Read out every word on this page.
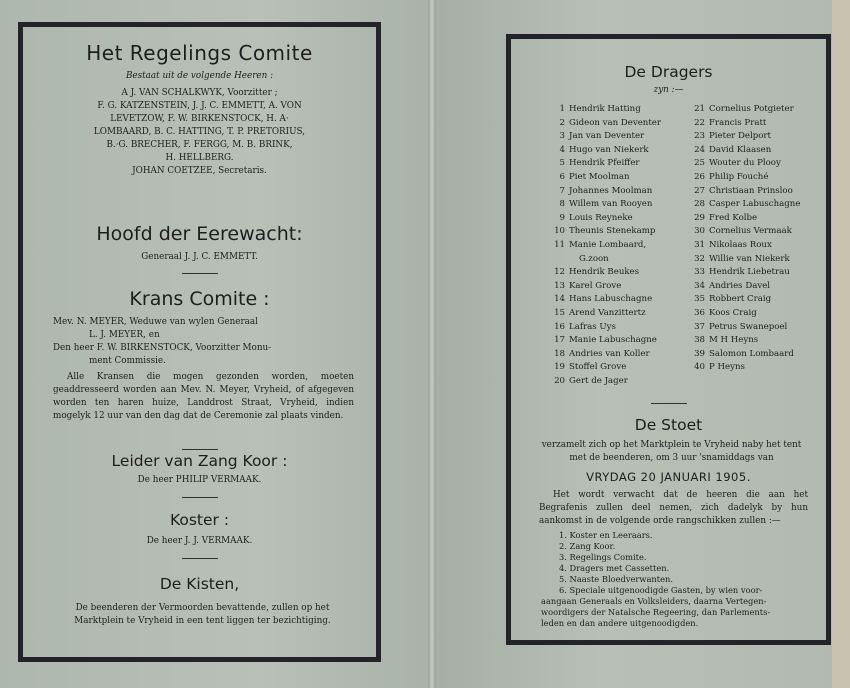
Het Regelings Comite
Bestaat uit de volgende Heeren :
A J. VAN SCHALKWYK, Voorzitter ;
F. G. KATZENSTEIN, J. J. C. EMMETT, A. VON
LEVETZOW, F. W. BIRKENSTOCK, H. A·
LOMBAARD, B. C. HATTING, T. P. PRETORIUS,
B.·G. BRECHER, F. FERGG, M. B. BRINK,
H. HELLBERG.
JOHAN COETZEE, Secretaris.
Hoofd der Eerewacht:
Generaal J. J. C. EMMETT.
Krans Comite :
Mev. N. MEYER, Weduwe van wylen Generaal
L. J. MEYER, en
Den heer F. W. BIRKENSTOCK, Voorzitter Monu-
ment Commissie.
Alle Kransen die mogen gezonden worden, moeten geaddresseerd worden aan Mev. N. Meyer, Vryheid, of afgegeven worden ten haren huize, Landdrost Straat, Vryheid, indien mogelyk 12 uur van den dag dat de Ceremonie zal plaats vinden.
Leider van Zang Koor :
De heer PHILIP VERMAAK.
Koster :
De heer J. J. VERMAAK.
De Kisten,
De beenderen der Vermoorden bevattende, zullen op het Marktplein te Vryheid in een tent liggen ter bezichtiging.
De Dragers
zyn :—
1 Hendrik Hatting
2 Gideon van Deventer
3 Jan van Deventer
4 Hugo van Niekerk
5 Hendrik Pfeiffer
6 Piet Moolman
7 Johannes Moolman
8 Willem van Rooyen
9 Louis Reyneke
10 Theunis Stenekamp
11 Manie Lombaard,
G.zoon
12 Hendrik Beukes
13 Karel Grove
14 Hans Labuschagne
15 Arend Vanzittertz
16 Lafras Uys
17 Manie Labuschagne
18 Andries van Koller
19 Stoffel Grove
20 Gert de Jager
21 Cornelius Potgieter
22 Francis Pratt
23 Pieter Delport
24 David Klaasen
25 Wouter du Plooy
26 Philip Fouché
27 Christiaan Prinsloo
28 Casper Labuschagne
29 Fred Kolbe
30 Cornelius Vermaak
31 Nikolaas Roux
32 Willie van Niekerk
33 Hendrik Liebetrau
34 Andries Davel
35 Robbert Craig
36 Koos Craig
37 Petrus Swanepoel
38 M H Heyns
39 Salomon Lombaard
40 P Heyns
De Stoet
verzamelt zich op het Marktplein te Vryheid naby het tent met de beenderen, om 3 uur 'snamiddags van
VRYDAG 20 JANUARI 1905.
Het wordt verwacht dat de heeren die aan het Begrafenis zullen deel nemen, zich dadelyk by hun aankomst in de volgende orde rangschikken zullen :—
1. Koster en Leeraars.
2. Zang Koor.
3. Regelings Comite.
4. Dragers met Cassetten.
5. Naaste Bloedverwanten.
6. Speciale uitgenoodigde Gasten, by wien voor-
aangaan Generaals en Volksleiders, daarna Vertegen-
woordigers der Natalsche Regeering, dan Parlements-
leden en dan andere uitgenoodigden.
